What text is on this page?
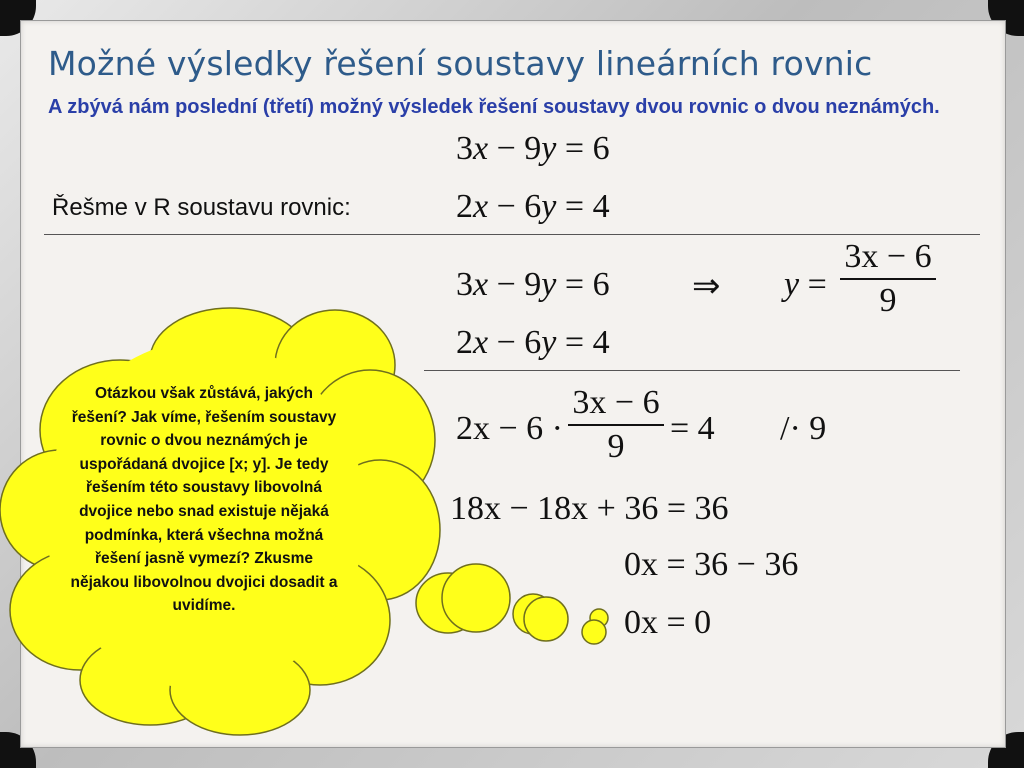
Možné výsledky řešení soustavy lineárních rovnic
A zbývá nám poslední (třetí) možný výsledek řešení soustavy dvou rovnic o dvou neznámých.
3x − 9y = 6
Řešme v R soustavu rovnic:	2x − 6y = 4
3x − 9y = 6 ⇒ y =
3x − 6
9
2x − 6y = 4
2x − 6 ·
3x − 6
9	= 4 /· 9
18x − 18x + 36 = 36
0x = 36 − 36
0x = 0
Otázkou však zůstává, jakých řešení? Jak víme, řešením soustavy rovnic o dvou neznámých je uspořádaná dvojice [x; y]. Je tedy řešením této soustavy libovolná dvojice nebo snad existuje nějaká podmínka, která všechna možná řešení jasně vymezí? Zkusme nějakou libovolnou dvojici dosadit a uvidíme.
